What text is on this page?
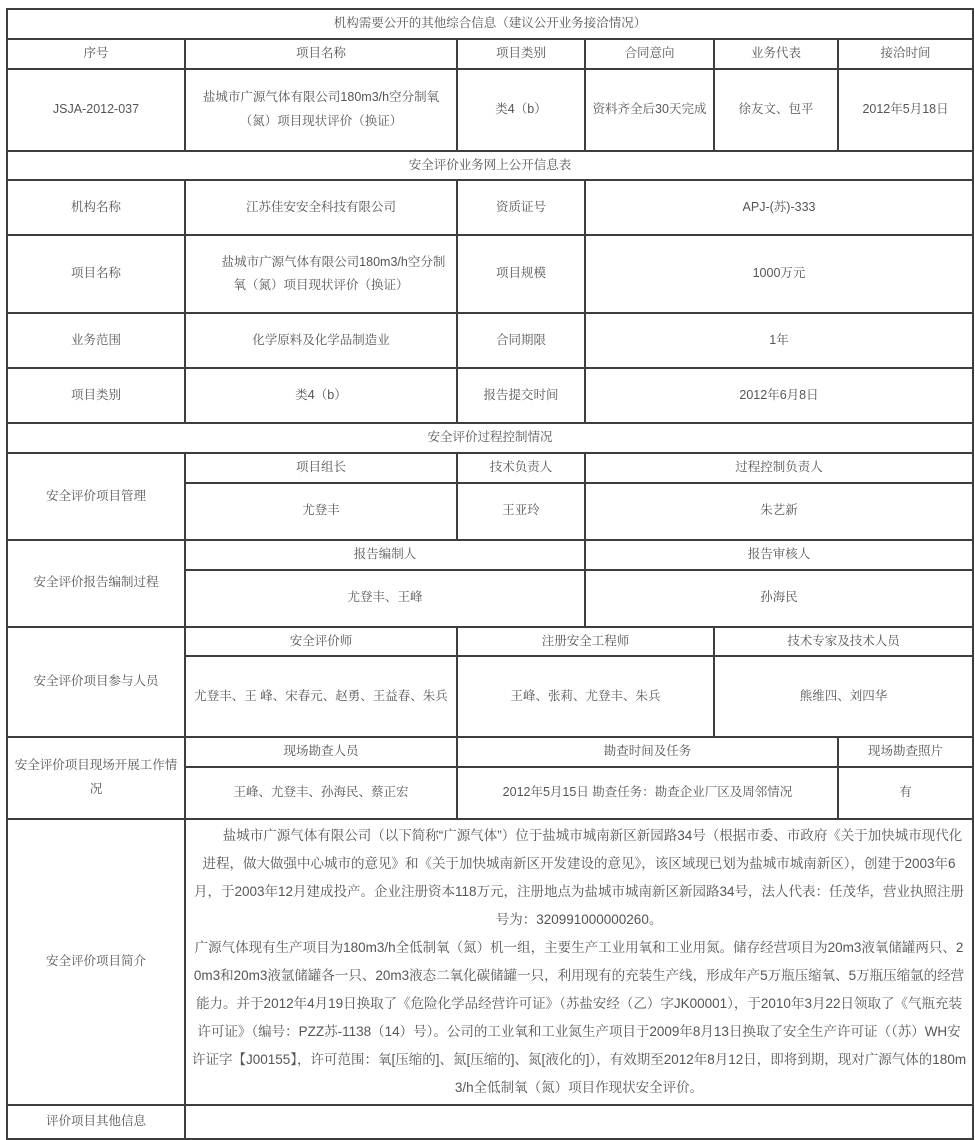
机构需要公开的其他综合信息（建议公开业务接洽情况）					
序号	项目名称	项目类别	合同意向	业务代表	接洽时间
JSJA-2012-037	盐城市广源气体有限公司180m3/h空分制氧（氮）项目现状评价（换证）	类4（b）	资料齐全后30天完成	徐友文、包平	2012年5月18日
安全评价业务网上公开信息表					
机构名称	江苏佳安安全科技有限公司	资质证号	APJ-(苏)-333		
项目名称	盐城市广源气体有限公司180m3/h空分制氧（氮）项目现状评价（换证）	项目规模	1000万元		
业务范围	化学原料及化学品制造业	合同期限	1年		
项目类别	类4（b）	报告提交时间	2012年6月8日		
安全评价过程控制情况					
安全评价项目管理	项目组长	技术负责人	过程控制负责人		
	尤登丰	王亚玲	朱艺新		
安全评价报告编制过程	报告编制人		报告审核人		
	尤登丰、王峰		孙海民		
安全评价项目参与人员	安全评价师	注册安全工程师		技术专家及技术人员	
	尤登丰、王 峰、宋春元、赵勇、王益春、朱兵	王峰、张莉、尤登丰、朱兵		熊维四、刘四华	
安全评价项目现场开展工作情况	现场勘查人员	勘查时间及任务			现场勘查照片
	王峰、尤登丰、孙海民、蔡正宏	2012年5月15日 勘查任务：勘查企业厂区及周邻情况			有
安全评价项目简介	盐城市广源气体有限公司（以下简称“广源气体”）位于盐城市城南新区新园路34号（根据市委、市政府《关于加快城市现代化进程，做大做强中心城市的意见》和《关于加快城南新区开发建设的意见》，该区域现已划为盐城市城南新区），创建于2003年6月，于2003年12月建成投产。企业注册资本118万元，注册地点为盐城市城南新区新园路34号，法人代表：任茂华，营业执照注册号为：320991000000260。

广源气体现有生产项目为180m3/h全低制氧（氮）机一组，主要生产工业用氧和工业用氮。储存经营项目为20m3液氧储罐两只、20m3和20m3液氩储罐各一只、20m3液态二氧化碳储罐一只，利用现有的充装生产线，形成年产5万瓶压缩氧、5万瓶压缩氩的经营能力。并于2012年4月19日换取了《危险化学品经营许可证》（苏盐安经（乙）字JK00001），于2010年3月22日领取了《气瓶充装许可证》（编号：PZZ苏-1138（14）号）。公司的工业氧和工业氮生产项目于2009年8月13日换取了安全生产许可证（（苏）WH安许证字【J00155】，许可范围：氧[压缩的]、氮[压缩的]、氮[液化的]），有效期至2012年8月12日，即将到期，现对广源气体的180m3/h全低制氧（氮）项目作现状安全评价。				

评价项目其他信息					
